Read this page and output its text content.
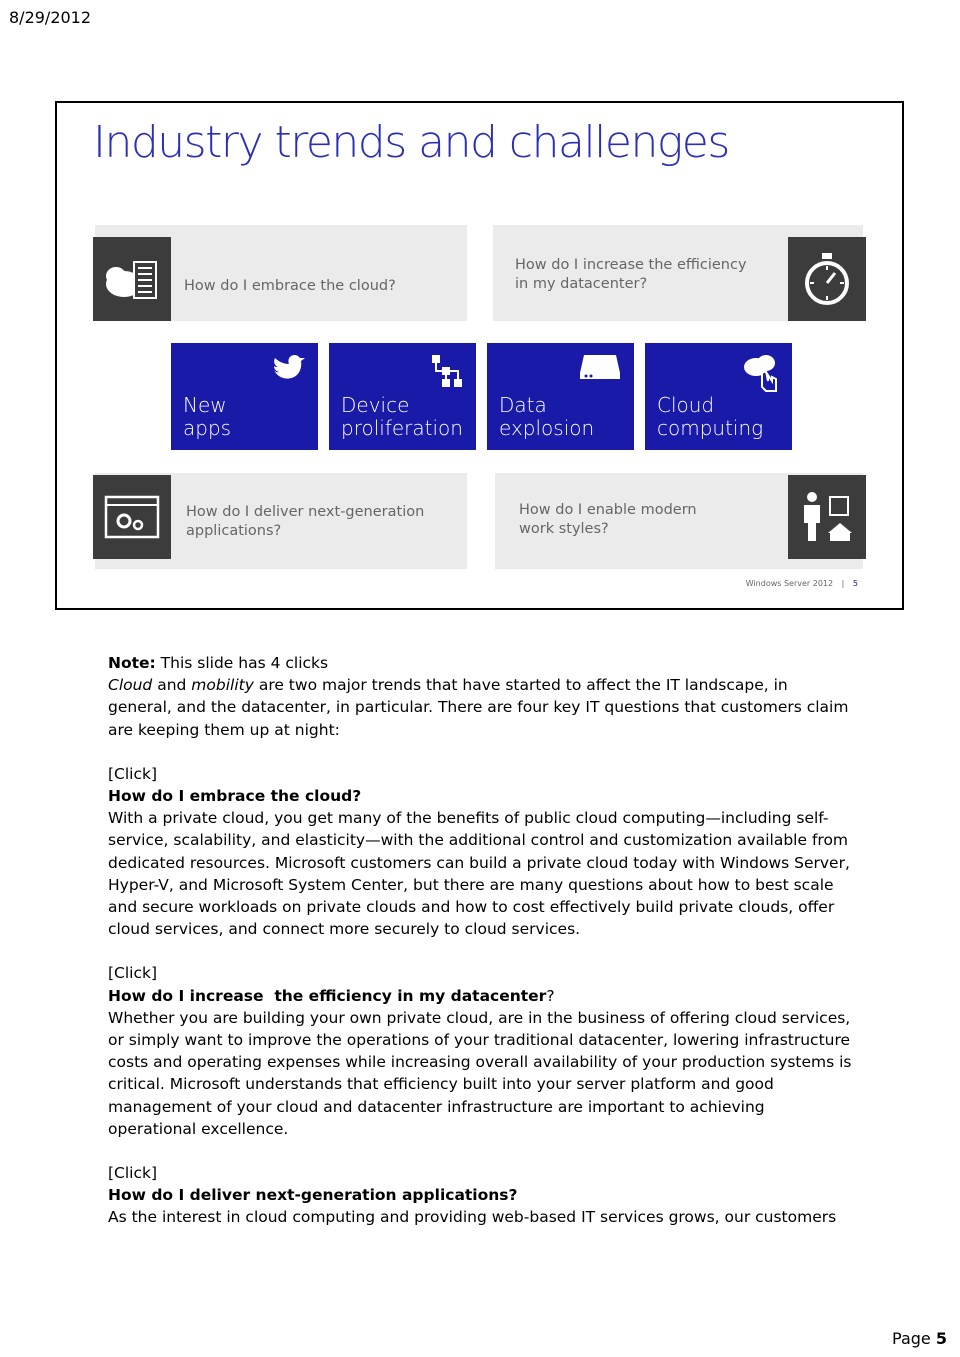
8/29/2012
Industry trends and challenges
How do I embrace the cloud?
How do I increase the efficiency
in my datacenter?
New
apps
Device
proliferation
Data
explosion
Cloud
computing
How do I deliver next-generation
applications?
How do I enable modern
work styles?
Windows Server 2012 | 5

Note: This slide has 4 clicks

Cloud and mobility are two major trends that have started to affect the IT landscape, in general, and the datacenter, in particular. There are four key IT questions that customers claim are keeping them up at night:

[Click]

How do I embrace the cloud?

With a private cloud, you get many of the benefits of public cloud computing—including self-service, scalability, and elasticity—with the additional control and customization available from dedicated resources. Microsoft customers can build a private cloud today with Windows Server, Hyper-V, and Microsoft System Center, but there are many questions about how to best scale and secure workloads on private clouds and how to cost effectively build private clouds, offer cloud services, and connect more securely to cloud services.

[Click]

How do I increase  the efficiency in my datacenter?

Whether you are building your own private cloud, are in the business of offering cloud services, or simply want to improve the operations of your traditional datacenter, lowering infrastructure costs and operating expenses while increasing overall availability of your production systems is critical. Microsoft understands that efficiency built into your server platform and good management of your cloud and datacenter infrastructure are important to achieving operational excellence.

[Click]

How do I deliver next-generation applications?

As the interest in cloud computing and providing web-based IT services grows, our customers

Page 5
